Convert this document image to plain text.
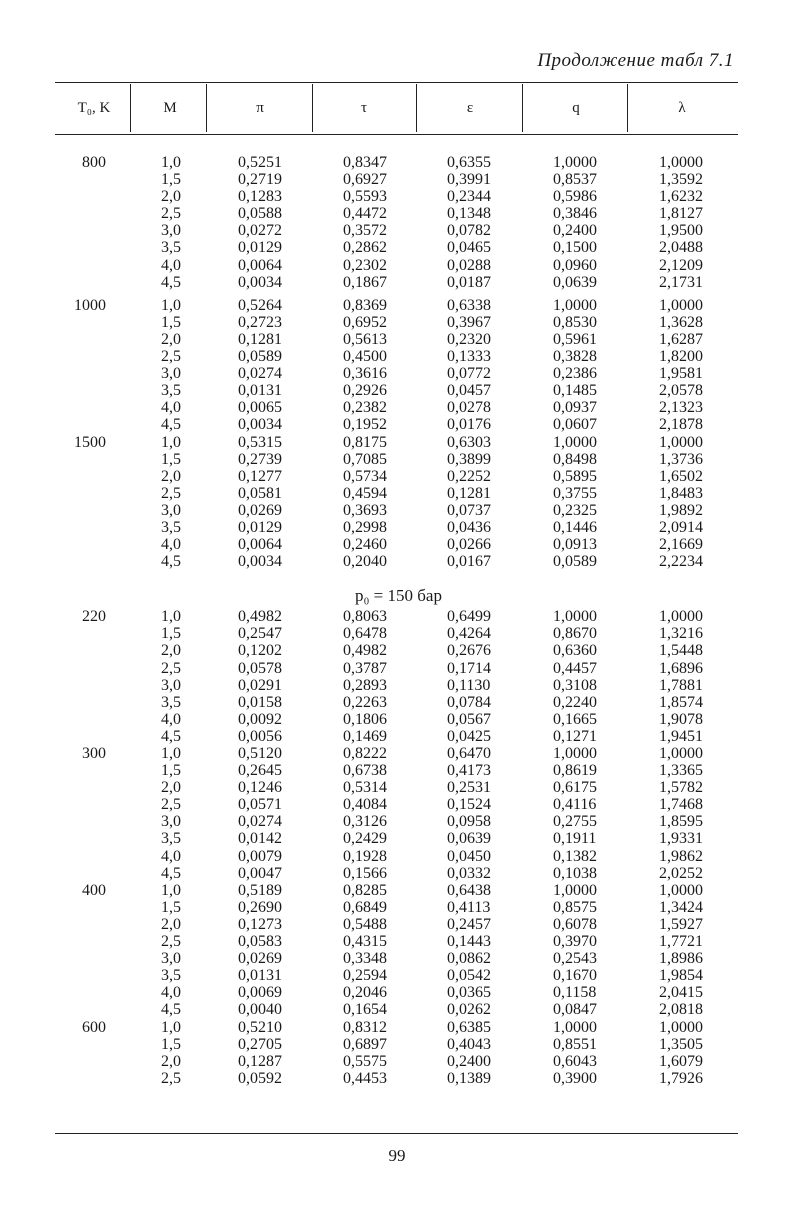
Продолжение табл 7.1
T₀, K	M	π	τ	ε	q	λ
800	1,0	0,5251	0,8347	0,6355	1,0000	1,0000
1,5	0,2719	0,6927	0,3991	0,8537	1,3592
2,0	0,1283	0,5593	0,2344	0,5986	1,6232
2,5	0,0588	0,4472	0,1348	0,3846	1,8127
3,0	0,0272	0,3572	0,0782	0,2400	1,9500
3,5	0,0129	0,2862	0,0465	0,1500	2,0488
4,0	0,0064	0,2302	0,0288	0,0960	2,1209
4,5	0,0034	0,1867	0,0187	0,0639	2,1731
1000	1,0	0,5264	0,8369	0,6338	1,0000	1,0000
1,5	0,2723	0,6952	0,3967	0,8530	1,3628
2,0	0,1281	0,5613	0,2320	0,5961	1,6287
2,5	0,0589	0,4500	0,1333	0,3828	1,8200
3,0	0,0274	0,3616	0,0772	0,2386	1,9581
3,5	0,0131	0,2926	0,0457	0,1485	2,0578
4,0	0,0065	0,2382	0,0278	0,0937	2,1323
4,5	0,0034	0,1952	0,0176	0,0607	2,1878
1500	1,0	0,5315	0,8175	0,6303	1,0000	1,0000
1,5	0,2739	0,7085	0,3899	0,8498	1,3736
2,0	0,1277	0,5734	0,2252	0,5895	1,6502
2,5	0,0581	0,4594	0,1281	0,3755	1,8483
3,0	0,0269	0,3693	0,0737	0,2325	1,9892
3,5	0,0129	0,2998	0,0436	0,1446	2,0914
4,0	0,0064	0,2460	0,0266	0,0913	2,1669
4,5	0,0034	0,2040	0,0167	0,0589	2,2234
p₀ = 150 бар
220	1,0	0,4982	0,8063	0,6499	1,0000	1,0000
1,5	0,2547	0,6478	0,4264	0,8670	1,3216
2,0	0,1202	0,4982	0,2676	0,6360	1,5448
2,5	0,0578	0,3787	0,1714	0,4457	1,6896
3,0	0,0291	0,2893	0,1130	0,3108	1,7881
3,5	0,0158	0,2263	0,0784	0,2240	1,8574
4,0	0,0092	0,1806	0,0567	0,1665	1,9078
4,5	0,0056	0,1469	0,0425	0,1271	1,9451
300	1,0	0,5120	0,8222	0,6470	1,0000	1,0000
1,5	0,2645	0,6738	0,4173	0,8619	1,3365
2,0	0,1246	0,5314	0,2531	0,6175	1,5782
2,5	0,0571	0,4084	0,1524	0,4116	1,7468
3,0	0,0274	0,3126	0,0958	0,2755	1,8595
3,5	0,0142	0,2429	0,0639	0,1911	1,9331
4,0	0,0079	0,1928	0,0450	0,1382	1,9862
4,5	0,0047	0,1566	0,0332	0,1038	2,0252
400	1,0	0,5189	0,8285	0,6438	1,0000	1,0000
1,5	0,2690	0,6849	0,4113	0,8575	1,3424
2,0	0,1273	0,5488	0,2457	0,6078	1,5927
2,5	0,0583	0,4315	0,1443	0,3970	1,7721
3,0	0,0269	0,3348	0,0862	0,2543	1,8986
3,5	0,0131	0,2594	0,0542	0,1670	1,9854
4,0	0,0069	0,2046	0,0365	0,1158	2,0415
4,5	0,0040	0,1654	0,0262	0,0847	2,0818
600	1,0	0,5210	0,8312	0,6385	1,0000	1,0000
1,5	0,2705	0,6897	0,4043	0,8551	1,3505
2,0	0,1287	0,5575	0,2400	0,6043	1,6079
2,5	0,0592	0,4453	0,1389	0,3900	1,7926
99
